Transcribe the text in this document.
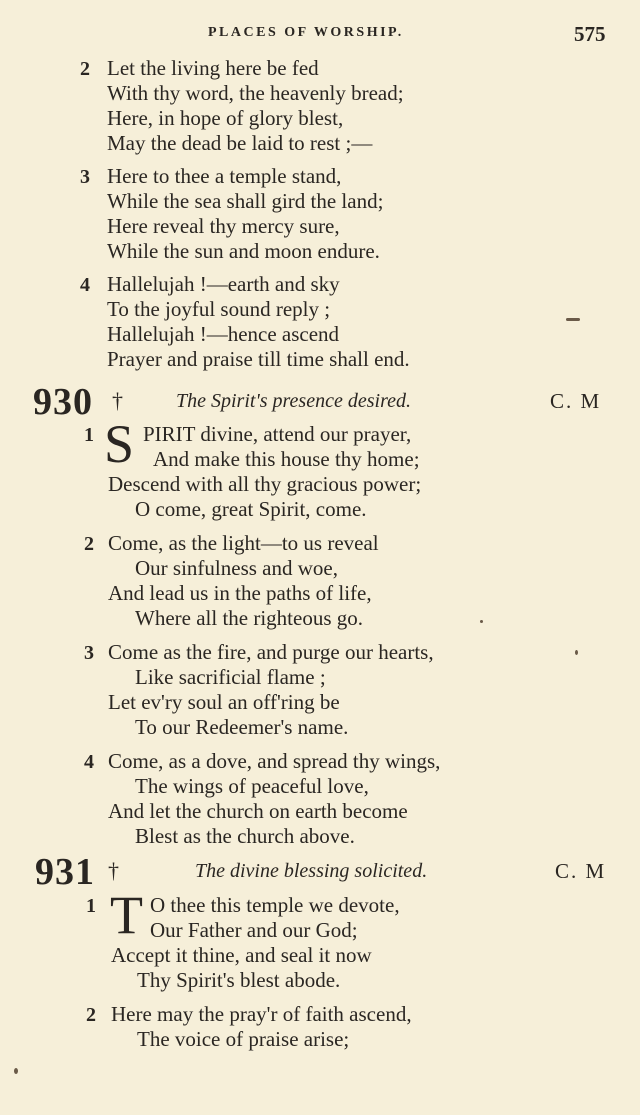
PLACES OF WORSHIP.	575
2 Let the living here be fed
With thy word, the heavenly bread;
Here, in hope of glory blest,
May the dead be laid to rest ;—
3 Here to thee a temple stand,
While the sea shall gird the land;
Here reveal thy mercy sure,
While the sun and moon endure.
4 Hallelujah !—earth and sky
To the joyful sound reply ;
Hallelujah !—hence ascend
Prayer and praise till time shall end.
930 †	The Spirit's presence desired.	C. M
1 S PIRIT divine, attend our prayer,
And make this house thy home;
Descend with all thy gracious power;
O come, great Spirit, come.
2 Come, as the light—to us reveal
Our sinfulness and woe,
And lead us in the paths of life,
Where all the righteous go.
3 Come as the fire, and purge our hearts,
Like sacrificial flame ;
Let ev'ry soul an off'ring be
To our Redeemer's name.
4 Come, as a dove, and spread thy wings,
The wings of peaceful love,
And let the church on earth become
Blest as the church above.
931 †	The divine blessing solicited.	C. M
1 T O thee this temple we devote,
Our Father and our God;
Accept it thine, and seal it now
Thy Spirit's blest abode.
2 Here may the pray'r of faith ascend,
The voice of praise arise;
